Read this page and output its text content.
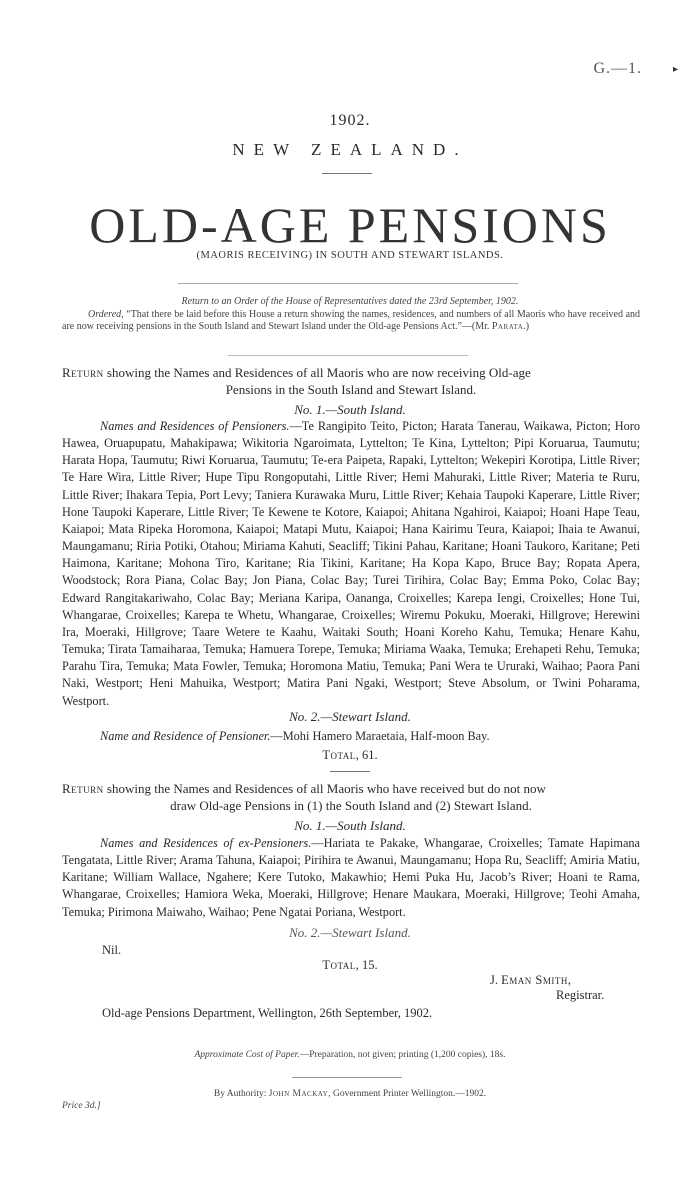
G.—1.	▸
1902.
NEW ZEALAND.
OLD-AGE PENSIONS
(MAORIS RECEIVING) IN SOUTH AND STEWART ISLANDS.
Return to an Order of the House of Representatives dated the 23rd September, 1902.
Ordered, “That there be laid before this House a return showing the names, residences, and numbers of all Maoris who have received and are now receiving pensions in the South Island and Stewart Island under the Old-age Pensions Act.”—(Mr. Parata.)
Return showing the Names and Residences of all Maoris who are now receiving Old-age
Pensions in the South Island and Stewart Island.
No. 1.—South Island.
Names and Residences of Pensioners.—Te Rangipito Teito, Picton; Harata Tanerau, Waikawa, Picton; Horo Hawea, Oruapupatu, Mahakipawa; Wikitoria Ngaroimata, Lyttelton; Te Kina, Lyttelton; Pipi Koruarua, Taumutu; Harata Hopa, Taumutu; Riwi Koruarua, Taumutu; Te-era Paipeta, Rapaki, Lyttelton; Wekepiri Korotipa, Little River; Te Hare Wira, Little River; Hupe Tipu Rongoputahi, Little River; Hemi Mahuraki, Little River; Materia te Ruru, Little River; Ihakara Tepia, Port Levy; Taniera Kurawaka Muru, Little River; Kehaia Taupoki Kaperare, Little River; Hone Taupoki Kaperare, Little River; Te Kewene te Kotore, Kaiapoi; Ahitana Ngahiroi, Kaiapoi; Hoani Hape Teau, Kaiapoi; Mata Ripeka Horomona, Kaiapoi; Matapi Mutu, Kaiapoi; Hana Kairimu Teura, Kaiapoi; Ihaia te Awanui, Maungamanu; Riria Potiki, Otahou; Miriama Kahuti, Seacliff; Tikini Pahau, Karitane; Hoani Taukoro, Karitane; Peti Haimona, Karitane; Mohona Tiro, Karitane; Ria Tikini, Karitane; Ha Kopa Kapo, Bruce Bay; Ropata Apera, Woodstock; Rora Piana, Colac Bay; Jon Piana, Colac Bay; Turei Tirihira, Colac Bay; Emma Poko, Colac Bay; Edward Rangitakariwaho, Colac Bay; Meriana Karipa, Oananga, Croixelles; Karepa Iengi, Croixelles; Hone Tui, Whangarae, Croixelles; Karepa te Whetu, Whangarae, Croixelles; Wiremu Pokuku, Moeraki, Hillgrove; Herewini Ira, Moeraki, Hillgrove; Taare Wetere te Kaahu, Waitaki South; Hoani Koreho Kahu, Temuka; Henare Kahu, Temuka; Tirata Tamaiharaa, Temuka; Hamuera Torepe, Temuka; Miriama Waaka, Temuka; Erehapeti Rehu, Temuka; Parahu Tira, Temuka; Mata Fowler, Temuka; Horomona Matiu, Temuka; Pani Wera te Ururaki, Waihao; Paora Pani Naki, Westport; Heni Mahuika, Westport; Matira Pani Ngaki, Westport; Steve Absolum, or Twini Poharama, Westport.
No. 2.—Stewart Island.
Name and Residence of Pensioner.—Mohi Hamero Maraetaia, Half-moon Bay.
Total, 61.
Return showing the Names and Residences of all Maoris who have received but do not now
draw Old-age Pensions in (1) the South Island and (2) Stewart Island.
No. 1.—South Island.
Names and Residences of ex-Pensioners.—Hariata te Pakake, Whangarae, Croixelles; Tamate Hapimana Tengatata, Little River; Arama Tahuna, Kaiapoi; Pirihira te Awanui, Maungamanu; Hopa Ru, Seacliff; Amiria Matiu, Karitane; William Wallace, Ngahere; Kere Tutoko, Makawhio; Hemi Puka Hu, Jacob’s River; Hoani te Rama, Whangarae, Croixelles; Hamiora Weka, Moeraki, Hillgrove; Henare Maukara, Moeraki, Hillgrove; Teohi Amaha, Temuka; Pirimona Maiwaho, Waihao; Pene Ngatai Poriana, Westport.
No. 2.—Stewart Island.
Nil.
Total, 15.
J. Eman Smith,
Registrar.
Old-age Pensions Department, Wellington, 26th September, 1902.
Approximate Cost of Paper.—Preparation, not given; printing (1,200 copies), 18s.
By Authority: John Mackay, Government Printer Wellington.—1902.
Price 3d.]
